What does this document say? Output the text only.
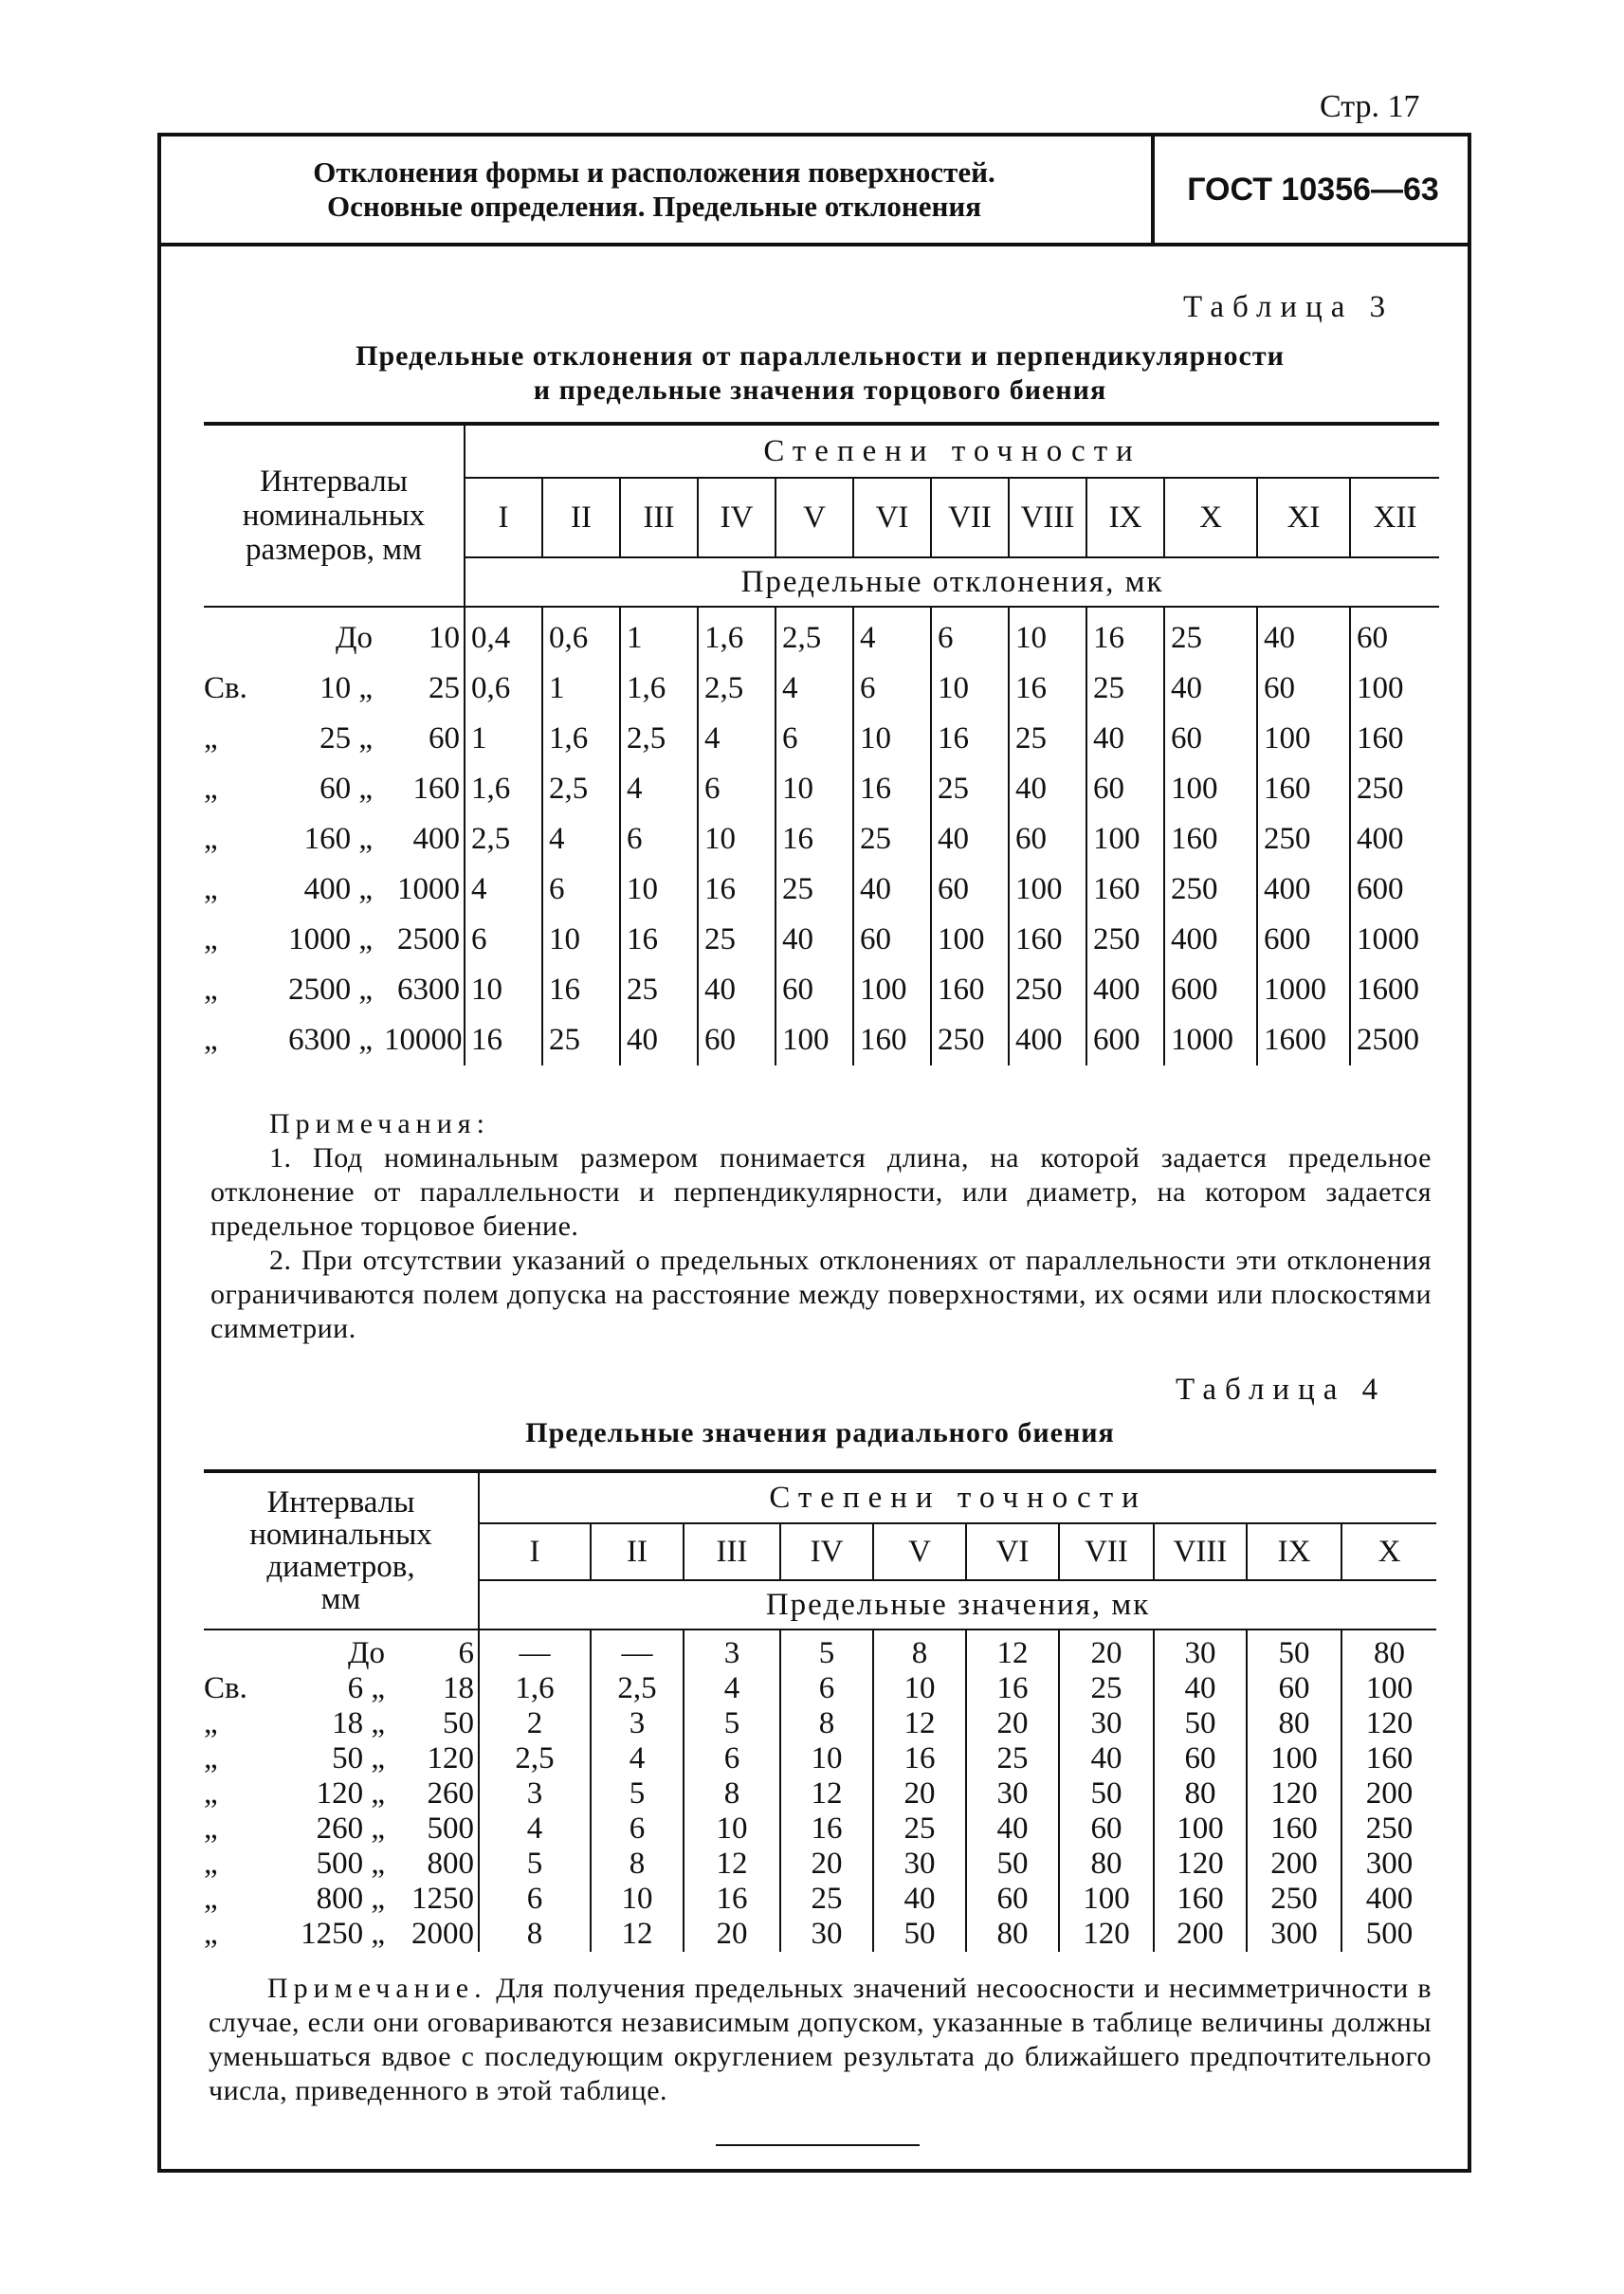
Стр. 17
Отклонения формы и расположения поверхностей.
Основные определения. Предельные отклонения	ГОСТ 10356—63
Таблица 3
Предельные отклонения от параллельности и перпендикулярности
и предельные значения торцового биения
Интервалы
номинальных
размеров, мм	Степени точности											
	I	II	III	IV	V	VI	VII	VIII	IX	X	XI	XII
	Предельные отклонения, мк											

До 10	0,4	0,6	1	1,6	2,5	4	6	10	16	25	40	60

Св. 10 „ 25	0,6	1	1,6	2,5	4	6	10	16	25	40	60	100

„ 25 „ 60	1	1,6	2,5	4	6	10	16	25	40	60	100	160

„ 60 „ 160	1,6	2,5	4	6	10	16	25	40	60	100	160	250

„ 160 „ 400	2,5	4	6	10	16	25	40	60	100	160	250	400

„ 400 „ 1000	4	6	10	16	25	40	60	100	160	250	400	600

„ 1000 „ 2500	6	10	16	25	40	60	100	160	250	400	600	1000

„ 2500 „ 6300	10	16	25	40	60	100	160	250	400	600	1000	1600

„ 6300 „ 10000	16	25	40	60	100	160	250	400	600	1000	1600	2500

Примечания:

1. Под номинальным размером понимается длина, на которой задается предельное отклонение от параллельности и перпендикулярности, или диаметр, на котором задается предельное торцовое биение.

2. При отсутствии указаний о предельных отклонениях от параллельности эти отклонения ограничиваются полем допуска на расстояние между поверхностями, их осями или плоскостями симметрии.

Таблица 4
Предельные значения радиального биения
Интервалы
номинальных
диаметров,
мм	Степени точности									
	I	II	III	IV	V	VI	VII	VIII	IX	X
	Предельные значения, мк									

До 6	—	—	3	5	8	12	20	30	50	80

Св. 6 „ 18	1,6	2,5	4	6	10	16	25	40	60	100

„ 18 „ 50	2	3	5	8	12	20	30	50	80	120

„ 50 „ 120	2,5	4	6	10	16	25	40	60	100	160

„ 120 „ 260	3	5	8	12	20	30	50	80	120	200

„ 260 „ 500	4	6	10	16	25	40	60	100	160	250

„ 500 „ 800	5	8	12	20	30	50	80	120	200	300

„ 800 „ 1250	6	10	16	25	40	60	100	160	250	400

„ 1250 „ 2000	8	12	20	30	50	80	120	200	300	500

Примечание. Для получения предельных значений несоосности и несимметричности в случае, если они оговариваются независимым допуском, указанные в таблице величины должны уменьшаться вдвое с последующим округлением результата до ближайшего предпочтительного числа, приведенного в этой таблице.
